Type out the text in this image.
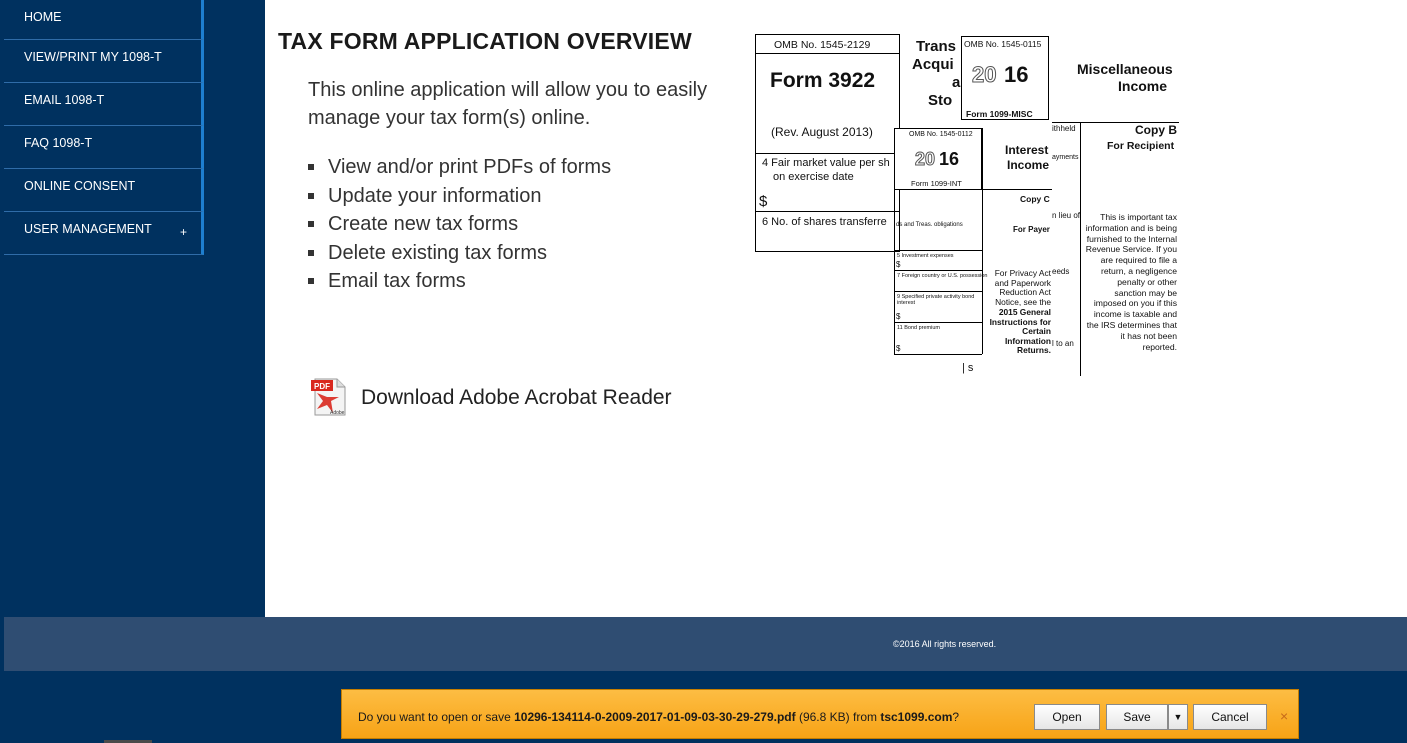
HOME
VIEW/PRINT MY 1098-T
EMAIL 1098-T
FAQ 1098-T
ONLINE CONSENT
USER MANAGEMENT +
TAX FORM APPLICATION OVERVIEW

This online application will allow you to easily manage your tax form(s) online.

View and/or print PDFs of forms
Update your information
Create new tax forms
Delete existing tax forms
Email tax forms
PDF
Adobe
Download Adobe Acrobat Reader
OMB No. 1545-2129
Form 3922
(Rev. August 2013)
4 Fair market value per sh
on exercise date
$
6 No. of shares transferre
Trans
Acqui
a
Sto
OMB No. 1545-0115
20 16
Form 1099-MISC
Miscellaneous
Income
ithheld
ayments
n lieu of
eeds
l to an
| s
Copy B
For Recipient
This is important tax information and is being furnished to the Internal Revenue Service. If you are required to file a return, a negligence penalty or other sanction may be imposed on you if this income is taxable and the IRS determines that it has not been reported.
OMB No. 1545-0112
20 16
Form 1099-INT
Interest
Income
Copy C
For Payer
ds and Treas. obligations
5 Investment expenses
$
7 Foreign country or U.S. possession
9 Specified private activity bond interest
$
11 Bond premium
$
For Privacy Act and Paperwork Reduction Act Notice, see the
2015 General Instructions for Certain Information Returns.
©2016 All rights reserved.
Do you want to open or save 10296-134114-0-2009-2017-01-09-03-30-29-279.pdf (96.8 KB) from tsc1099.com?	Open	Save	▼	Cancel	×
